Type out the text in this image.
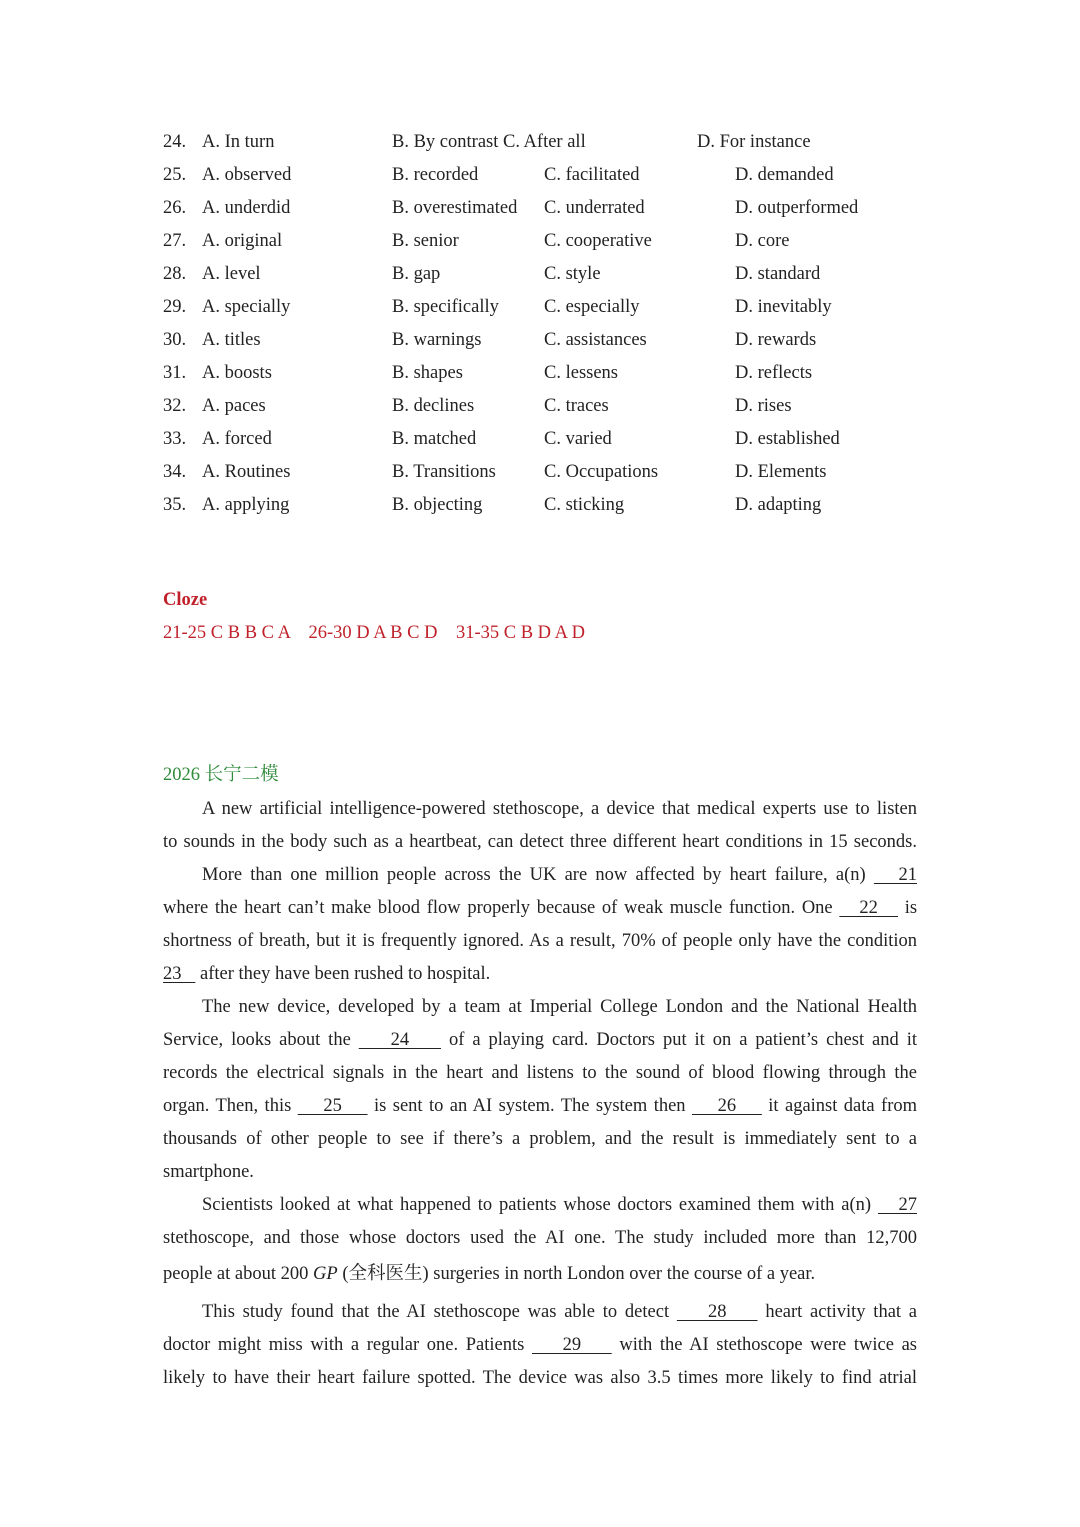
24. A. In turn	B. By contrast C. After all	D. For instance
25. A. observed	B. recorded	C. facilitated	D. demanded
26. A. underdid	B. overestimated C. underrated	D. outperformed
27. A. original	B. senior	C. cooperative	D. core
28. A. level	B. gap	C. style	D. standard
29. A. specially	B. specifically C. especially	D. inevitably
30. A. titles	B. warnings	C. assistances	D. rewards
31. A. boosts	B. shapes	C. lessens	D. reflects
32. A. paces	B. declines	C. traces	D. rises
33. A. forced	B. matched	C. varied	D. established
34. A. Routines	B. Transitions	C. Occupations	D. Elements
35. A. applying	B. objecting	C. sticking	D. adapting
Cloze
21-25 C B B C A    26-30 D A B C D    31-35 C B D A D
2026 长宁二模
A new artificial intelligence-powered stethoscope, a device that medical experts use to listen
to sounds in the body such as a heartbeat, can detect three different heart conditions in 15 seconds.
More than one million people across the UK are now affected by heart failure, a(n)    21
where the heart can’t make blood flow properly because of weak muscle function. One    22    is
shortness of breath, but it is frequently ignored. As a result, 70% of people only have the condition
23    after they have been rushed to hospital.
The new device, developed by a team at Imperial College London and the National Health
Service, looks about the     24     of a playing card. Doctors put it on a patient’s chest and it
records the electrical signals in the heart and listens to the sound of blood flowing through the
organ. Then, this     25     is sent to an AI system. The system then     26     it against data from
thousands of other people to see if there’s a problem, and the result is immediately sent to a
smartphone.
Scientists looked at what happened to patients whose doctors examined them with a(n)    27
stethoscope, and those whose doctors used the AI one. The study included more than 12,700
people at about 200 GP (全科医生) surgeries in north London over the course of a year.
This study found that the AI stethoscope was able to detect     28     heart activity that a
doctor might miss with a regular one. Patients     29     with the AI stethoscope were twice as
likely to have their heart failure spotted. The device was also 3.5 times more likely to find atrial
